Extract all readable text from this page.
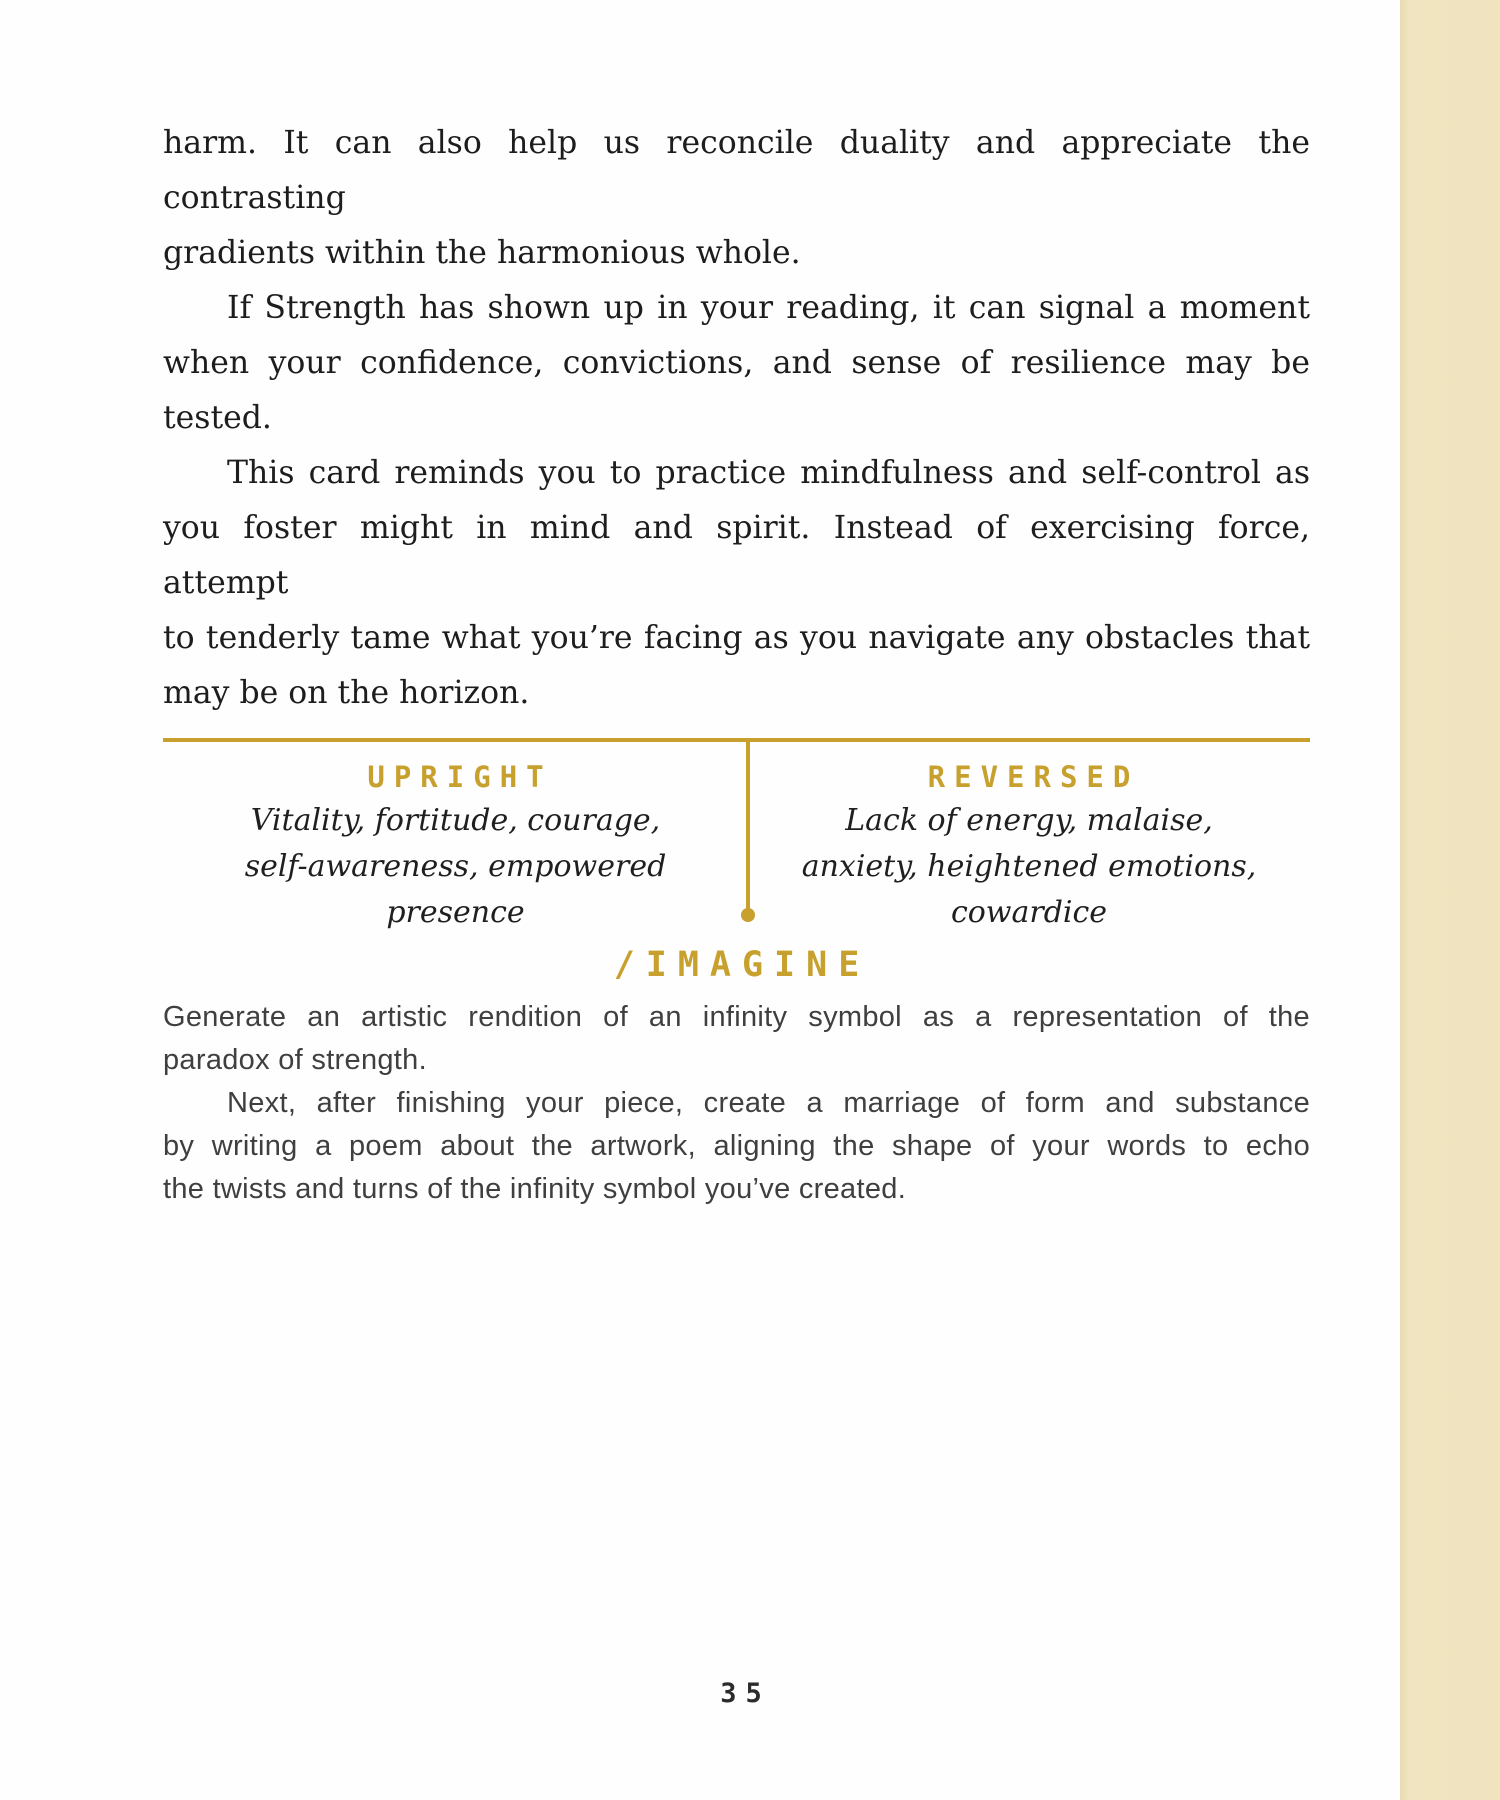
harm. It can also help us reconcile duality and appreciate the contrasting
gradients within the harmonious whole.
If Strength has shown up in your reading, it can signal a moment
when your confidence, convictions, and sense of resilience may be tested.
This card reminds you to practice mindfulness and self-control as
you foster might in mind and spirit. Instead of exercising force, attempt
to tenderly tame what you’re facing as you navigate any obstacles that
may be on the horizon.
UPRIGHT
Vitality, fortitude, courage,
self-awareness, empowered
presence
REVERSED
Lack of energy, malaise,
anxiety, heightened emotions,
cowardice
/IMAGINE
Generate an artistic rendition of an infinity symbol as a representation of the
paradox of strength.
Next, after finishing your piece, create a marriage of form and substance
by writing a poem about the artwork, aligning the shape of your words to echo
the twists and turns of the infinity symbol you’ve created.
35
